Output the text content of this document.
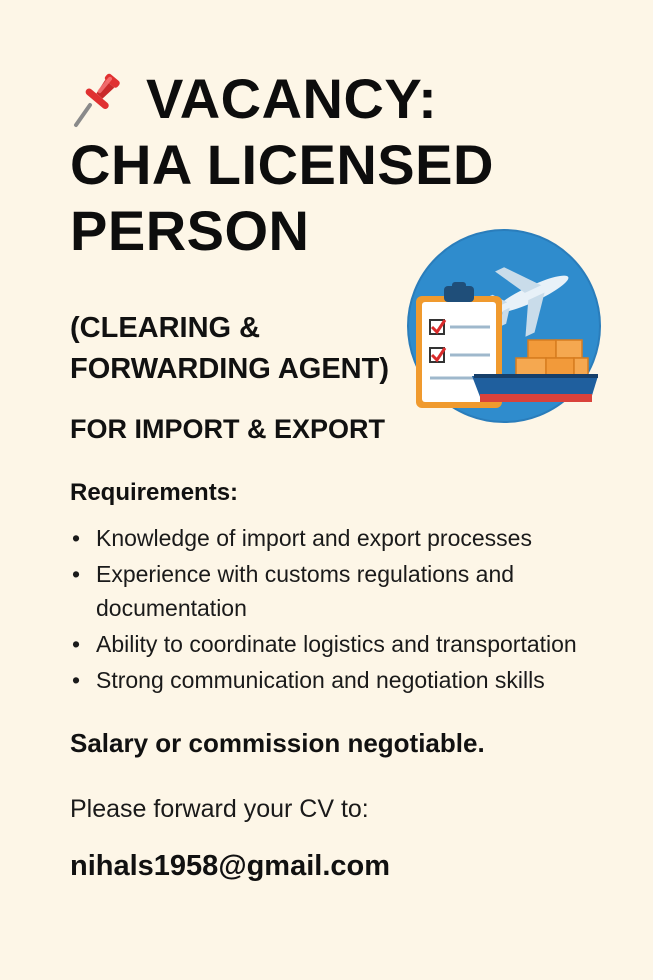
VACANCY:
CHA LICENSED
PERSON
(CLEARING &
FORWARDING AGENT)
FOR IMPORT & EXPORT
Requirements:
• Knowledge of import and export processes
• Experience with customs regulations and documentation
• Ability to coordinate logistics and transportation
• Strong communication and negotiation skills
Salary or commission negotiable.
Please forward your CV to:
nihals1958@gmail.com
